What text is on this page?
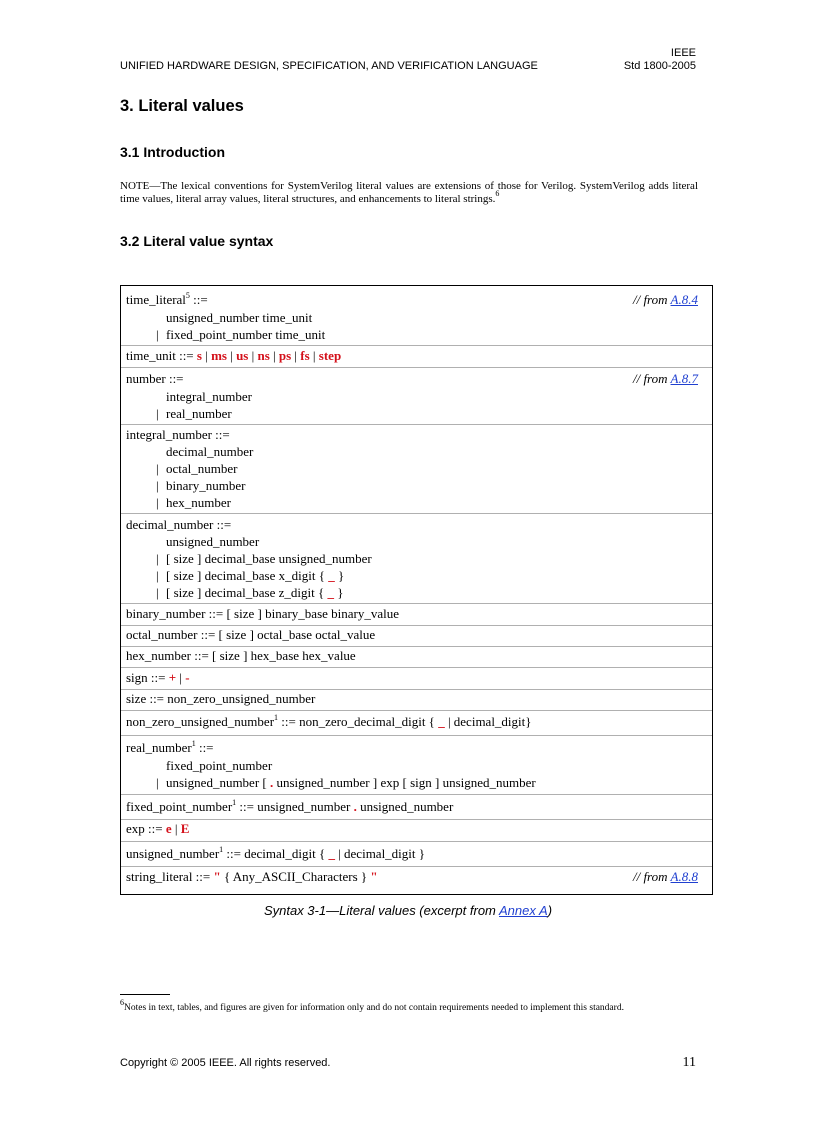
UNIFIED HARDWARE DESIGN, SPECIFICATION, AND VERIFICATION LANGUAGE
IEEE
Std 1800-2005
3. Literal values
3.1 Introduction
NOTE—The lexical conventions for SystemVerilog literal values are extensions of those for Verilog. SystemVerilog adds literal time values, literal array values, literal structures, and enhancements to literal strings.$^6$
3.2 Literal value syntax
time_literal$^5$ ::=	// from A.8.4
unsigned_number time_unit
| fixed_point_number time_unit
time_unit ::= s | ms | us | ns | ps | fs | step
number ::=	// from A.8.7
integral_number
| real_number
integral_number ::=
decimal_number
| octal_number
| binary_number
| hex_number
decimal_number ::=
unsigned_number
| [ size ] decimal_base unsigned_number
| [ size ] decimal_base x_digit { _ }
| [ size ] decimal_base z_digit { _ }
binary_number ::= [ size ] binary_base binary_value
octal_number ::= [ size ] octal_base octal_value
hex_number ::= [ size ] hex_base hex_value
sign ::= + | -
size ::= non_zero_unsigned_number
non_zero_unsigned_number$^1$ ::= non_zero_decimal_digit { _ | decimal_digit}
real_number$^1$ ::=
fixed_point_number
| unsigned_number [ . unsigned_number ] exp [ sign ] unsigned_number
fixed_point_number$^1$ ::= unsigned_number . unsigned_number
exp ::= e | E
unsigned_number$^1$ ::= decimal_digit { _ | decimal_digit }
string_literal ::= " { Any_ASCII_Characters } "	// from A.8.8
Syntax 3-1—Literal values (excerpt from Annex A)
$^6$Notes in text, tables, and figures are given for information only and do not contain requirements needed to implement this standard.
Copyright © 2005 IEEE. All rights reserved.	11
